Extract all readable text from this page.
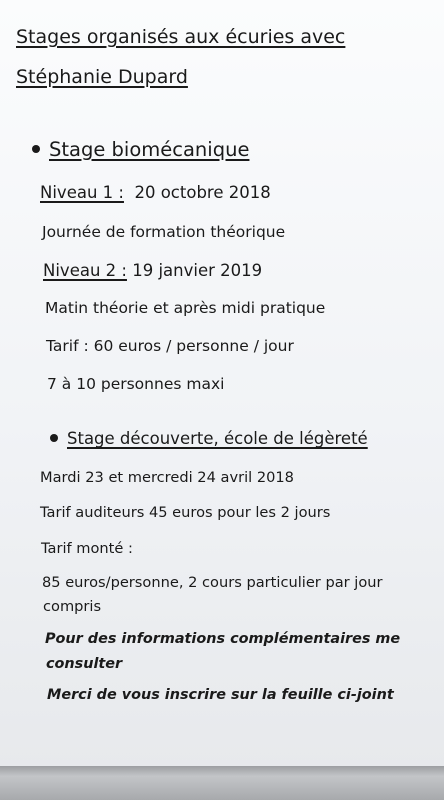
Stages organisés aux écuries avec
Stéphanie Dupard
Stage biomécanique
Niveau 1 : 20 octobre 2018
Journée de formation théorique
Niveau 2 : 19 janvier 2019
Matin théorie et après midi pratique
Tarif : 60 euros / personne / jour
7 à 10 personnes maxi
Stage découverte, école de légèreté
Mardi 23 et mercredi 24 avril 2018
Tarif auditeurs 45 euros pour les 2 jours
Tarif monté :
85 euros/personne, 2 cours particulier par jour
compris
Pour des informations complémentaires me
consulter
Merci de vous inscrire sur la feuille ci-joint
